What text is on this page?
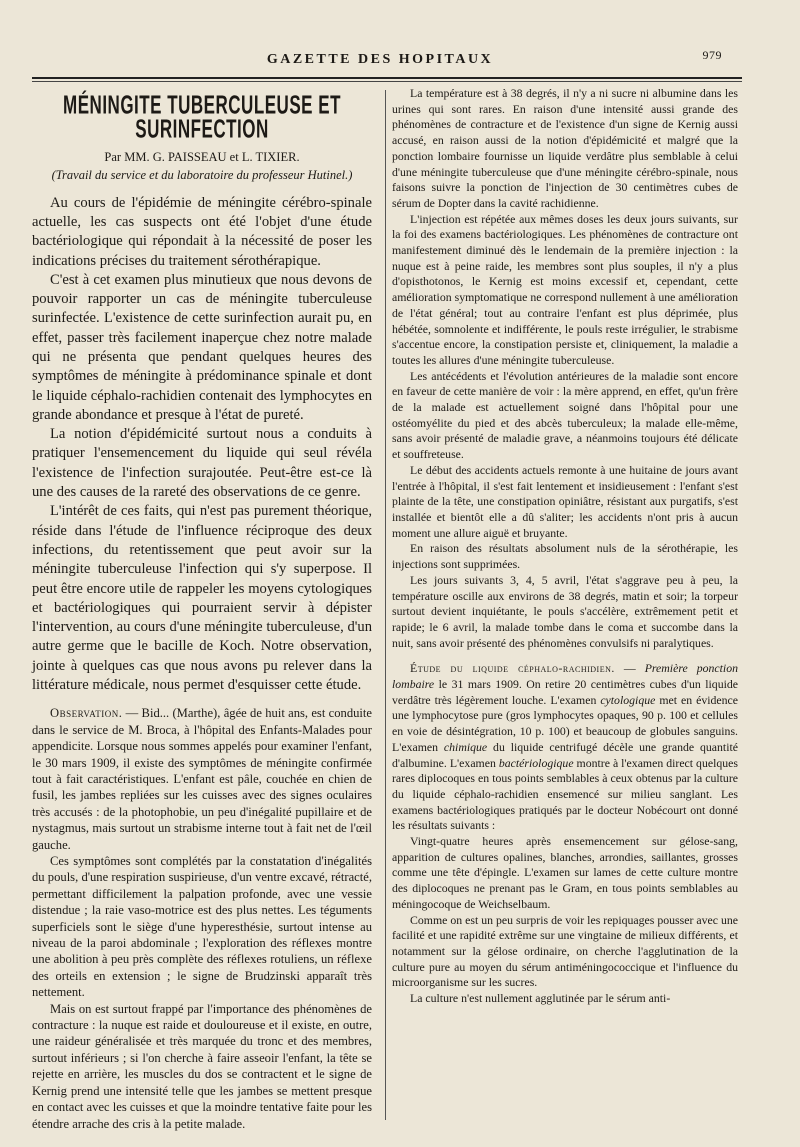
GAZETTE DES HOPITAUX	979
MÉNINGITE TUBERCULEUSE ET SURINFECTION
Par MM. G. PAISSEAU et L. TIXIER.
(Travail du service et du laboratoire du professeur Hutinel.)

Au cours de l'épidémie de méningite cérébro-spinale actuelle, les cas suspects ont été l'objet d'une étude bactériologique qui répondait à la nécessité de poser les indications précises du traitement sérothérapique.

C'est à cet examen plus minutieux que nous devons de pouvoir rapporter un cas de méningite tuberculeuse surinfectée. L'existence de cette surinfection aurait pu, en effet, passer très facilement inaperçue chez notre malade qui ne présenta que pendant quelques heures des symptômes de méningite à prédominance spinale et dont le liquide céphalo-rachidien contenait des lymphocytes en grande abondance et presque à l'état de pureté.

La notion d'épidémicité surtout nous a conduits à pratiquer l'ensemencement du liquide qui seul révéla l'existence de l'infection surajoutée. Peut-être est-ce là une des causes de la rareté des observations de ce genre.

L'intérêt de ces faits, qui n'est pas purement théorique, réside dans l'étude de l'influence réciproque des deux infections, du retentissement que peut avoir sur la méningite tuberculeuse l'infection qui s'y superpose. Il peut être encore utile de rappeler les moyens cytologiques et bactériologiques qui pourraient servir à dépister l'intervention, au cours d'une méningite tuberculeuse, d'un autre germe que le bacille de Koch. Notre observation, jointe à quelques cas que nous avons pu relever dans la littérature médicale, nous permet d'esquisser cette étude.

Observation. — Bid... (Marthe), âgée de huit ans, est conduite dans le service de M. Broca, à l'hôpital des Enfants-Malades pour appendicite. Lorsque nous sommes appelés pour examiner l'enfant, le 30 mars 1909, il existe des symptômes de méningite confirmée tout à fait caractéristiques. L'enfant est pâle, couchée en chien de fusil, les jambes repliées sur les cuisses avec des signes oculaires très accusés : de la photophobie, un peu d'inégalité pupillaire et de nystagmus, mais surtout un strabisme interne tout à fait net de l'œil gauche.

Ces symptômes sont complétés par la constatation d'inégalités du pouls, d'une respiration suspirieuse, d'un ventre excavé, rétracté, permettant difficilement la palpation profonde, avec une vessie distendue ; la raie vaso-motrice est des plus nettes. Les téguments superficiels sont le siège d'une hyperesthésie, surtout intense au niveau de la paroi abdominale ; l'exploration des réflexes montre une abolition à peu près complète des réflexes rotuliens, un réflexe des orteils en extension ; le signe de Brudzinski apparaît très nettement.

Mais on est surtout frappé par l'importance des phénomènes de contracture : la nuque est raide et douloureuse et il existe, en outre, une raideur généralisée et très marquée du tronc et des membres, surtout inférieurs ; si l'on cherche à faire asseoir l'enfant, la tête se rejette en arrière, les muscles du dos se contractent et le signe de Kernig prend une intensité telle que les jambes se mettent presque en contact avec les cuisses et que la moindre tentative faite pour les étendre arrache des cris à la petite malade.

La température est à 38 degrés, il n'y a ni sucre ni albumine dans les urines qui sont rares. En raison d'une intensité aussi grande des phénomènes de contracture et de l'existence d'un signe de Kernig aussi accusé, en raison aussi de la notion d'épidémicité et malgré que la ponction lombaire fournisse un liquide verdâtre plus semblable à celui d'une méningite tuberculeuse que d'une méningite cérébro-spinale, nous faisons suivre la ponction de l'injection de 30 centimètres cubes de sérum de Dopter dans la cavité rachidienne.

L'injection est répétée aux mêmes doses les deux jours suivants, sur la foi des examens bactériologiques. Les phénomènes de contracture ont manifestement diminué dès le lendemain de la première injection : la nuque est à peine raide, les membres sont plus souples, il n'y a plus d'opisthotonos, le Kernig est moins excessif et, cependant, cette amélioration symptomatique ne correspond nullement à une amélioration de l'état général; tout au contraire l'enfant est plus déprimée, plus hébétée, somnolente et indifférente, le pouls reste irrégulier, le strabisme s'accentue encore, la constipation persiste et, cliniquement, la maladie a toutes les allures d'une méningite tuberculeuse.

Les antécédents et l'évolution antérieures de la maladie sont encore en faveur de cette manière de voir : la mère apprend, en effet, qu'un frère de la malade est actuellement soigné dans l'hôpital pour une ostéomyélite du pied et des abcès tuberculeux; la malade elle-même, sans avoir présenté de maladie grave, a néanmoins toujours été délicate et souffreteuse.

Le début des accidents actuels remonte à une huitaine de jours avant l'entrée à l'hôpital, il s'est fait lentement et insidieusement : l'enfant s'est plainte de la tête, une constipation opiniâtre, résistant aux purgatifs, s'est installée et bientôt elle a dû s'aliter; les accidents n'ont pris à aucun moment une allure aiguë et bruyante.

En raison des résultats absolument nuls de la sérothérapie, les injections sont supprimées.

Les jours suivants 3, 4, 5 avril, l'état s'aggrave peu à peu, la température oscille aux environs de 38 degrés, matin et soir; la torpeur surtout devient inquiétante, le pouls s'accélère, extrêmement petit et rapide; le 6 avril, la malade tombe dans le coma et succombe dans la nuit, sans avoir présenté des phénomènes convulsifs ni paralytiques.

Étude du liquide céphalo-rachidien. — Première ponction lombaire le 31 mars 1909. On retire 20 centimètres cubes d'un liquide verdâtre très légèrement louche. L'examen cytologique met en évidence une lymphocytose pure (gros lymphocytes opaques, 90 p. 100 et cellules en voie de désintégration, 10 p. 100) et beaucoup de globules sanguins. L'examen chimique du liquide centrifugé décèle une grande quantité d'albumine. L'examen bactériologique montre à l'examen direct quelques rares diplocoques en tous points semblables à ceux obtenus par la culture du liquide céphalo-rachidien ensemencé sur milieu sanglant. Les examens bactériologiques pratiqués par le docteur Nobécourt ont donné les résultats suivants :

Vingt-quatre heures après ensemencement sur gélose-sang, apparition de cultures opalines, blanches, arrondies, saillantes, grosses comme une tête d'épingle. L'examen sur lames de cette culture montre des diplocoques ne prenant pas le Gram, en tous points semblables au méningocoque de Weichselbaum.

Comme on est un peu surpris de voir les repiquages pousser avec une facilité et une rapidité extrême sur une vingtaine de milieux différents, et notamment sur la gélose ordinaire, on cherche l'agglutination de la culture pure au moyen du sérum antiméningococcique et l'influence du microorganisme sur les sucres.

La culture n'est nullement agglutinée par le sérum anti-
